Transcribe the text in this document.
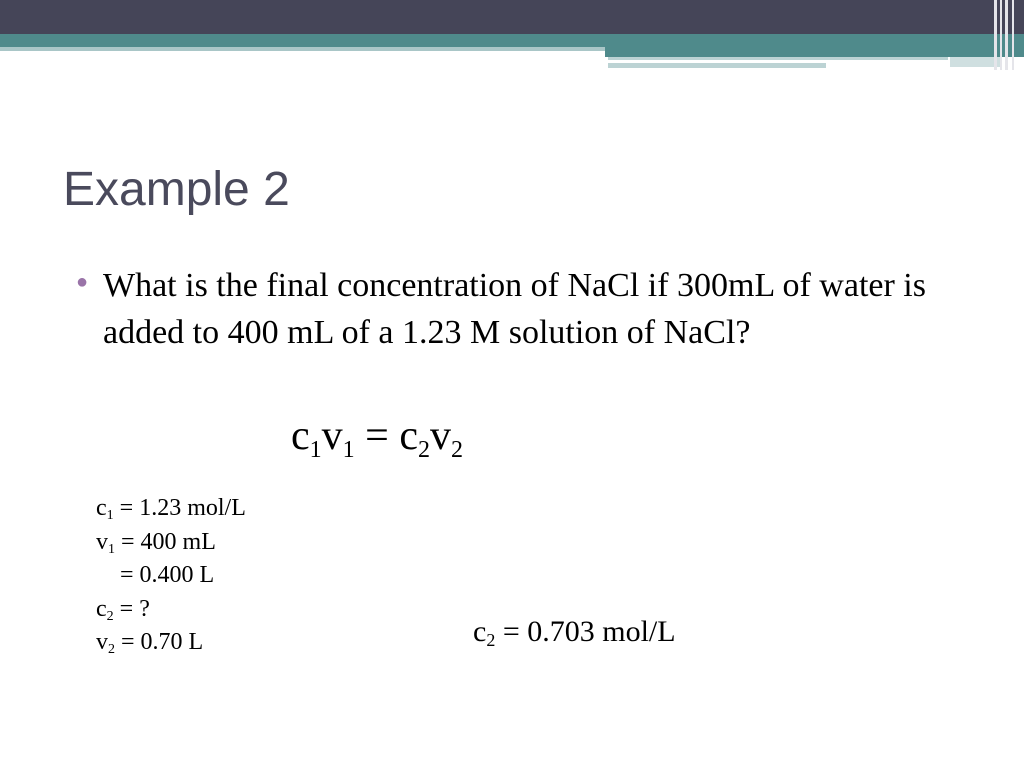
Example 2
● What is the final concentration of NaCl if 300mL of water is added to 400 mL of a 1.23 M solution of NaCl?
$c_1v_1 = c_2v_2$
$c_1 = 1.23$ mol/L
$v_1 = 400$ mL
= 0.400 L
$c_2$ = ?
$v_2 = 0.70$ L	$c_2 = 0.703$ mol/L
